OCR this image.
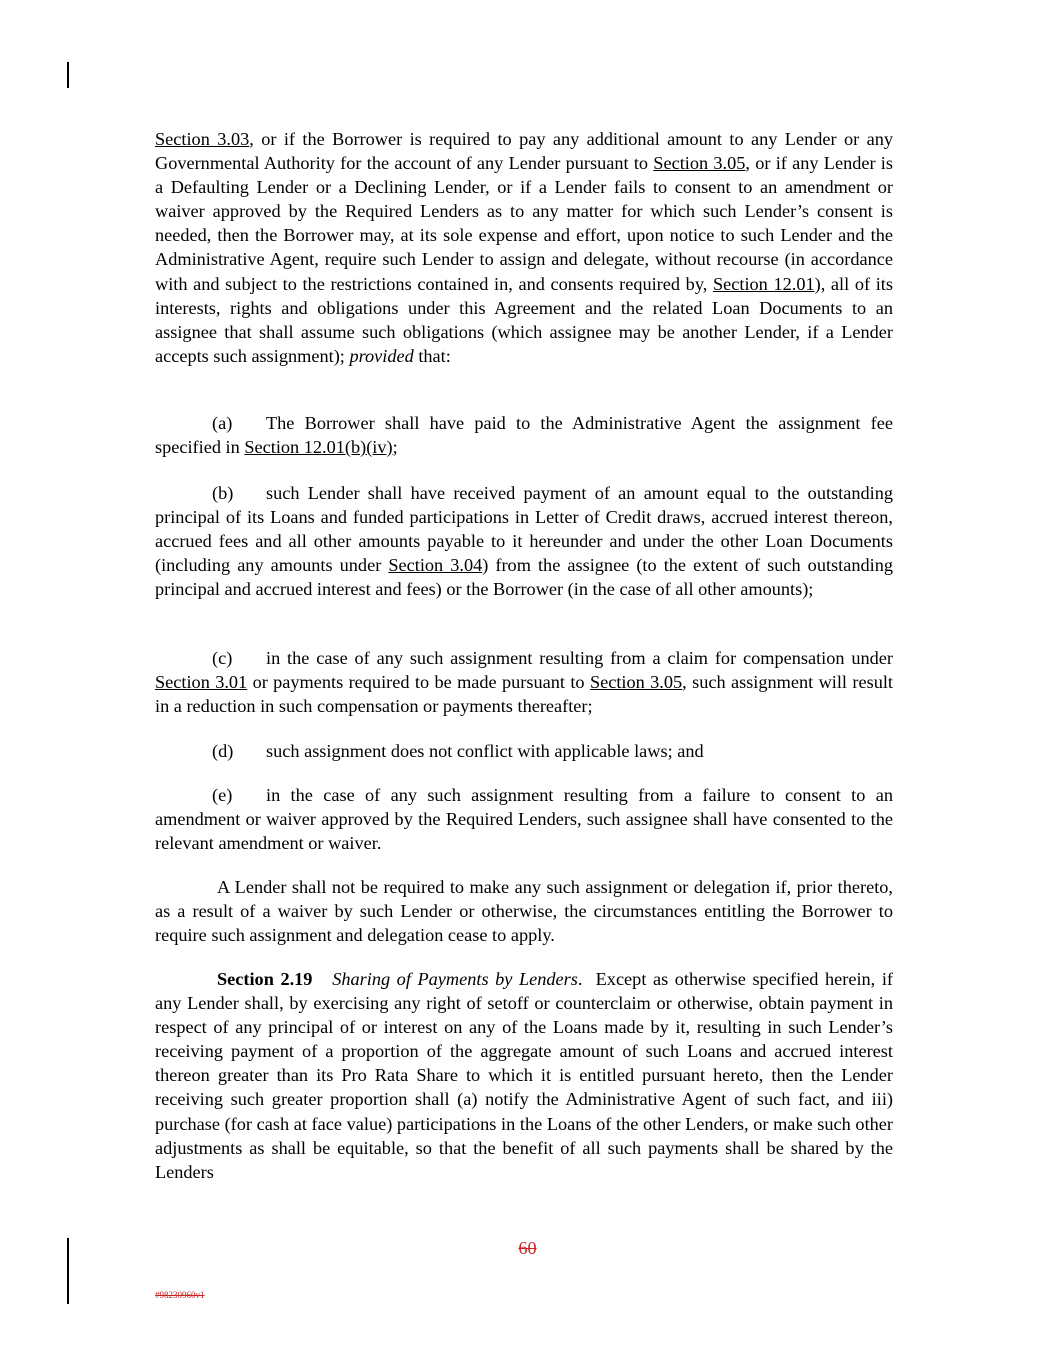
Section 3.03, or if the Borrower is required to pay any additional amount to any Lender or any Governmental Authority for the account of any Lender pursuant to Section 3.05, or if any Lender is a Defaulting Lender or a Declining Lender, or if a Lender fails to consent to an amendment or waiver approved by the Required Lenders as to any matter for which such Lender’s consent is needed, then the Borrower may, at its sole expense and effort, upon notice to such Lender and the Administrative Agent, require such Lender to assign and delegate, without recourse (in accordance with and subject to the restrictions contained in, and consents required by, Section 12.01), all of its interests, rights and obligations under this Agreement and the related Loan Documents to an assignee that shall assume such obligations (which assignee may be another Lender, if a Lender accepts such assignment); provided that:

(a) The Borrower shall have paid to the Administrative Agent the assignment fee specified in Section 12.01(b)(iv);

(b) such Lender shall have received payment of an amount equal to the outstanding principal of its Loans and funded participations in Letter of Credit draws, accrued interest thereon, accrued fees and all other amounts payable to it hereunder and under the other Loan Documents (including any amounts under Section 3.04) from the assignee (to the extent of such outstanding principal and accrued interest and fees) or the Borrower (in the case of all other amounts);

(c) in the case of any such assignment resulting from a claim for compensation under Section 3.01 or payments required to be made pursuant to Section 3.05, such assignment will result in a reduction in such compensation or payments thereafter;

(d) such assignment does not conflict with applicable laws; and

(e) in the case of any such assignment resulting from a failure to consent to an amendment or waiver approved by the Required Lenders, such assignee shall have consented to the relevant amendment or waiver.

A Lender shall not be required to make any such assignment or delegation if, prior thereto, as a result of a waiver by such Lender or otherwise, the circumstances entitling the Borrower to require such assignment and delegation cease to apply.

Section 2.19 Sharing of Payments by Lenders. Except as otherwise specified herein, if any Lender shall, by exercising any right of setoff or counterclaim or otherwise, obtain payment in respect of any principal of or interest on any of the Loans made by it, resulting in such Lender’s receiving payment of a proportion of the aggregate amount of such Loans and accrued interest thereon greater than its Pro Rata Share to which it is entitled pursuant hereto, then the Lender receiving such greater proportion shall (a) notify the Administrative Agent of such fact, and iii) purchase (for cash at face value) participations in the Loans of the other Lenders, or make such other adjustments as shall be equitable, so that the benefit of all such payments shall be shared by the Lenders

60
#98230960v1
